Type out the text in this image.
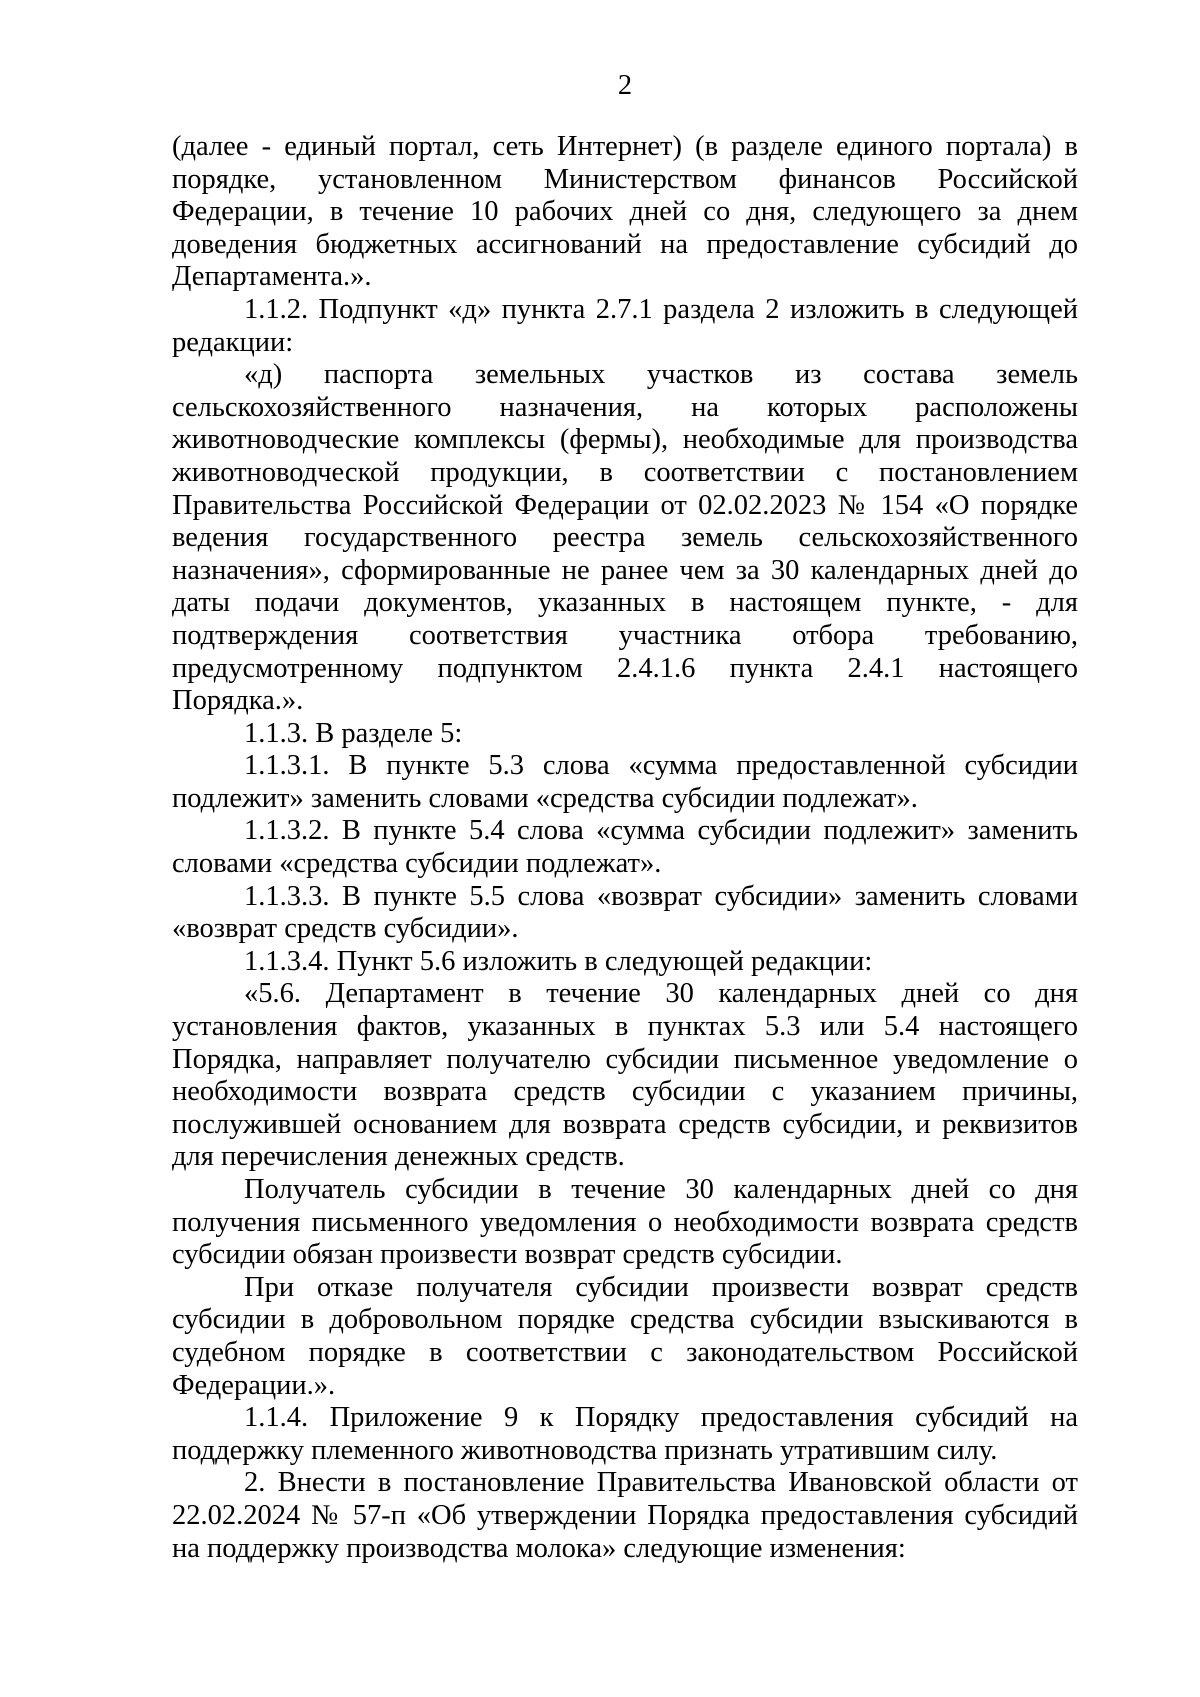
2

(далее - единый портал, сеть Интернет) (в разделе единого портала) в порядке, установленном Министерством финансов Российской Федерации, в течение 10 рабочих дней со дня, следующего за днем доведения бюджетных ассигнований на предоставление субсидий до Департамента.».

1.1.2. Подпункт «д» пункта 2.7.1 раздела 2 изложить в следующей редакции:

«д) паспорта земельных участков из состава земель сельскохозяйственного назначения, на которых расположены животноводческие комплексы (фермы), необходимые для производства животноводческой продукции, в соответствии с постановлением Правительства Российской Федерации от 02.02.2023 № 154 «О порядке ведения государственного реестра земель сельскохозяйственного назначения», сформированные не ранее чем за 30 календарных дней до даты подачи документов, указанных в настоящем пункте, - для подтверждения соответствия участника отбора требованию, предусмотренному подпунктом 2.4.1.6 пункта 2.4.1 настоящего Порядка.».

1.1.3. В разделе 5:

1.1.3.1. В пункте 5.3 слова «сумма предоставленной субсидии подлежит» заменить словами «средства субсидии подлежат».

1.1.3.2. В пункте 5.4 слова «сумма субсидии подлежит» заменить словами «средства субсидии подлежат».

1.1.3.3. В пункте 5.5 слова «возврат субсидии» заменить словами «возврат средств субсидии».

1.1.3.4. Пункт 5.6 изложить в следующей редакции:

«5.6. Департамент в течение 30 календарных дней со дня установления фактов, указанных в пунктах 5.3 или 5.4 настоящего Порядка, направляет получателю субсидии письменное уведомление о необходимости возврата средств субсидии с указанием причины, послужившей основанием для возврата средств субсидии, и реквизитов для перечисления денежных средств.

Получатель субсидии в течение 30 календарных дней со дня получения письменного уведомления о необходимости возврата средств субсидии обязан произвести возврат средств субсидии.

При отказе получателя субсидии произвести возврат средств субсидии в добровольном порядке средства субсидии взыскиваются в судебном порядке в соответствии с законодательством Российской Федерации.».

1.1.4. Приложение 9 к Порядку предоставления субсидий на поддержку племенного животноводства признать утратившим силу.

2. Внести в постановление Правительства Ивановской области от 22.02.2024 № 57-п «Об утверждении Порядка предоставления субсидий на поддержку производства молока» следующие изменения:
